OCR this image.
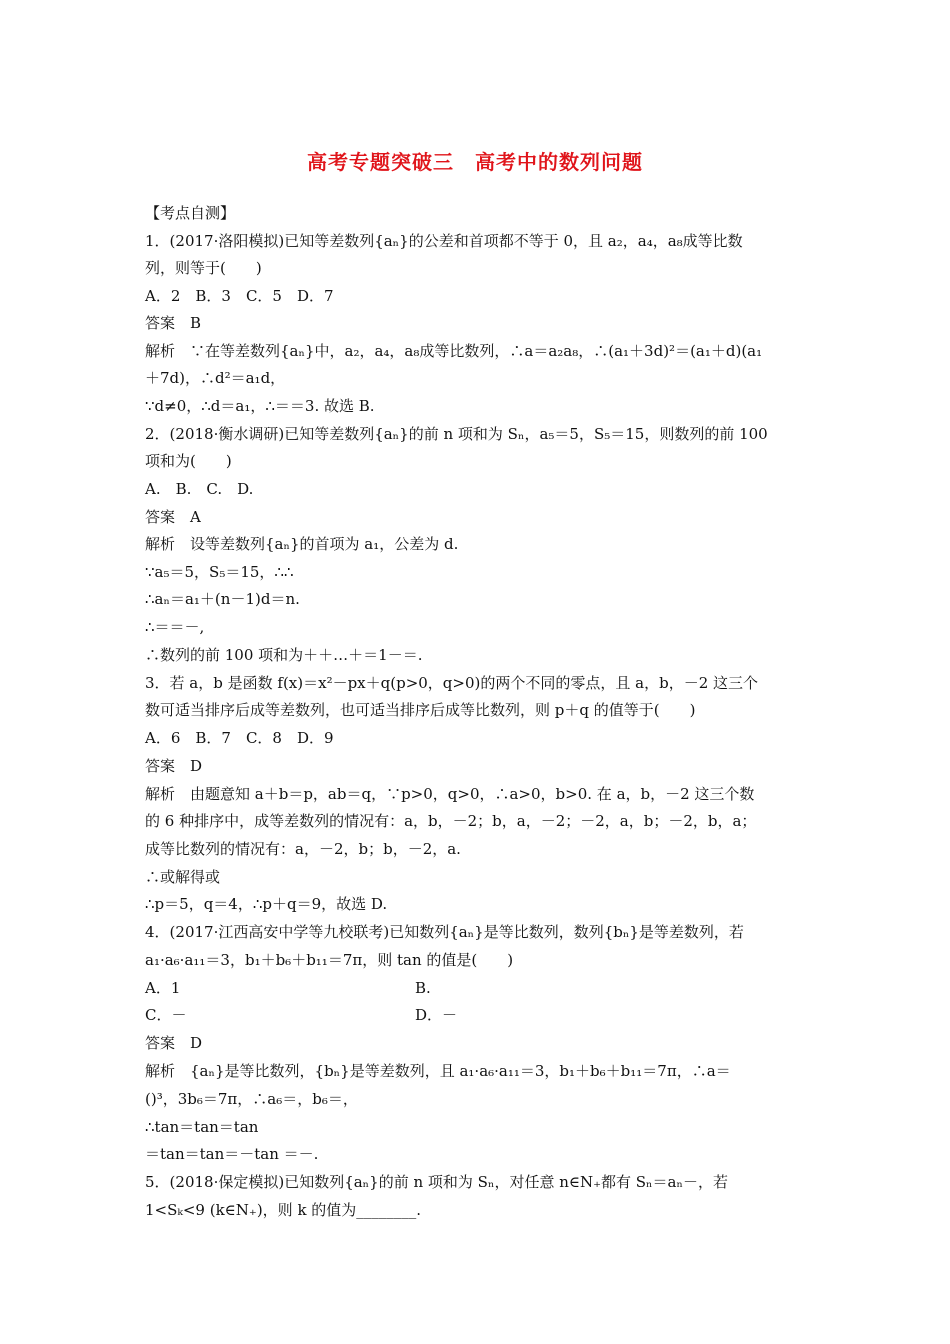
高考专题突破三　高考中的数列问题
【考点自测】
1．(2017·洛阳模拟)已知等差数列{aₙ}的公差和首项都不等于 0，且 a₂，a₄，a₈成等比数
列，则等于(　　)
A．2　B．3　C．5　D．7
答案　B
解析　∵在等差数列{aₙ}中，a₂，a₄，a₈成等比数列，∴a＝a₂a₈，∴(a₁＋3d)²＝(a₁＋d)(a₁
＋7d)，∴d²＝a₁d，
∵d≠0，∴d＝a₁，∴＝＝3. 故选 B.
2．(2018·衡水调研)已知等差数列{aₙ}的前 n 项和为 Sₙ，a₅＝5，S₅＝15，则数列的前 100
项和为(　　)
A.　B.　C.　D.
答案　A
解析　设等差数列{aₙ}的首项为 a₁，公差为 d.
∵a₅＝5，S₅＝15，∴∴
∴aₙ＝a₁＋(n－1)d＝n.
∴＝＝－,
∴数列的前 100 项和为＋＋…＋＝1－＝.
3．若 a，b 是函数 f(x)＝x²－px＋q(p>0，q>0)的两个不同的零点，且 a，b，－2 这三个
数可适当排序后成等差数列，也可适当排序后成等比数列，则 p＋q 的值等于(　　)
A．6　B．7　C．8　D．9
答案　D
解析　由题意知 a＋b＝p，ab＝q，∵p>0，q>0，∴a>0，b>0. 在 a，b，－2 这三个数
的 6 种排序中，成等差数列的情况有：a，b，－2；b，a，－2；－2，a，b；－2，b，a；
成等比数列的情况有：a，－2，b；b，－2，a.
∴或解得或
∴p＝5，q＝4，∴p＋q＝9，故选 D.
4．(2017·江西高安中学等九校联考)已知数列{aₙ}是等比数列，数列{bₙ}是等差数列，若
a₁·a₆·a₁₁＝3，b₁＋b₆＋b₁₁＝7π，则 tan 的值是(　　)
A．1	B.
C．－	D．－
答案　D
解析　{aₙ}是等比数列，{bₙ}是等差数列，且 a₁·a₆·a₁₁＝3，b₁＋b₆＋b₁₁＝7π，∴a＝
()³，3b₆＝7π，∴a₆＝，b₆＝，
∴tan＝tan＝tan
＝tan＝tan＝－tan ＝－.
5．(2018·保定模拟)已知数列{aₙ}的前 n 项和为 Sₙ，对任意 n∈N₊都有 Sₙ＝aₙ－，若
1<Sₖ<9 (k∈N₊)，则 k 的值为________.
